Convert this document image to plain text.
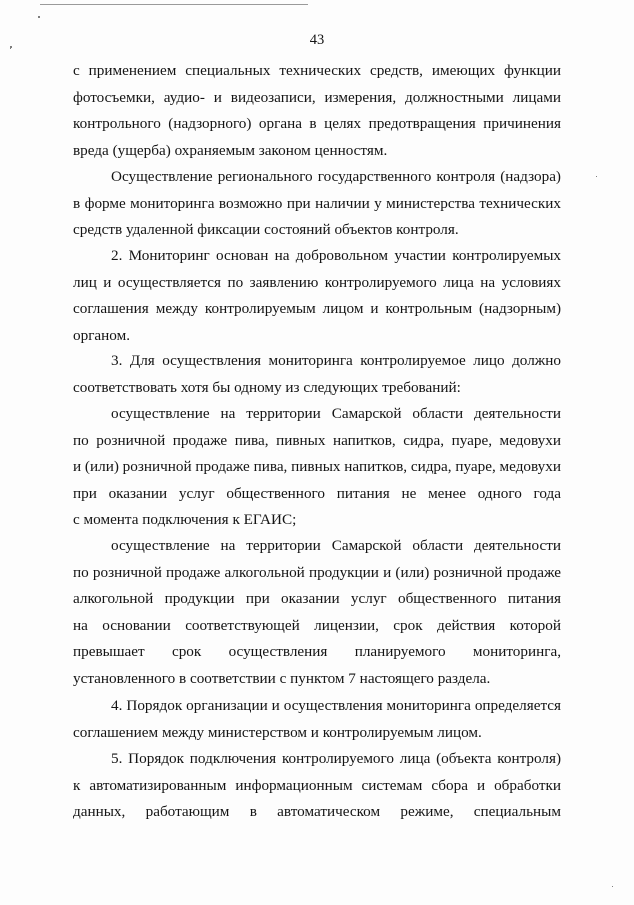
43
с применением специальных технических средств, имеющих функции
фотосъемки, аудио- и видеозаписи, измерения, должностными лицами
контрольного (надзорного) органа в целях предотвращения причинения
вреда (ущерба) охраняемым законом ценностям.
Осуществление регионального государственного контроля (надзора)
в форме мониторинга возможно при наличии у министерства технических
средств удаленной фиксации состояний объектов контроля.
2. Мониторинг основан на добровольном участии контролируемых
лиц и осуществляется по заявлению контролируемого лица на условиях
соглашения между контролируемым лицом и контрольным (надзорным)
органом.
3. Для осуществления мониторинга контролируемое лицо должно
соответствовать хотя бы одному из следующих требований:
осуществление на территории Самарской области деятельности
по розничной продаже пива, пивных напитков, сидра, пуаре, медовухи
и (или) розничной продаже пива, пивных напитков, сидра, пуаре, медовухи
при оказании услуг общественного питания не менее одного года
с момента подключения к ЕГАИС;
осуществление на территории Самарской области деятельности
по розничной продаже алкогольной продукции и (или) розничной продаже
алкогольной продукции при оказании услуг общественного питания
на основании соответствующей лицензии, срок действия которой
превышает срок осуществления планируемого мониторинга,
установленного в соответствии с пунктом 7 настоящего раздела.
4. Порядок организации и осуществления мониторинга определяется
соглашением между министерством и контролируемым лицом.
5. Порядок подключения контролируемого лица (объекта контроля)
к автоматизированным информационным системам сбора и обработки
данных, работающим в автоматическом режиме, специальным
